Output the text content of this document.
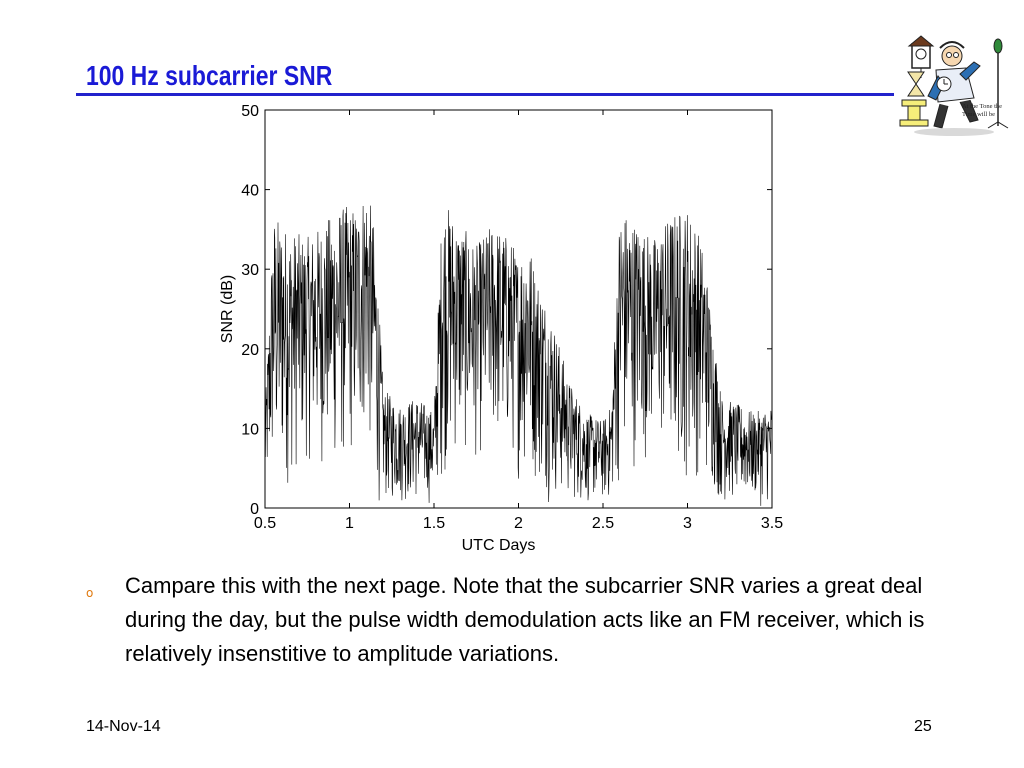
100 Hz subcarrier SNR
At the Tone the
Time will be
0.5	1	1.5	2	2.5	3	3.5
0
10
20
30
40
50
UTC Days
SNR (dB)
o Campare this with the next page. Note that the subcarrier SNR varies a great deal during the day, but the pulse width demodulation acts like an FM receiver, which is relatively insenstitive to amplitude variations.
14-Nov-14	25
